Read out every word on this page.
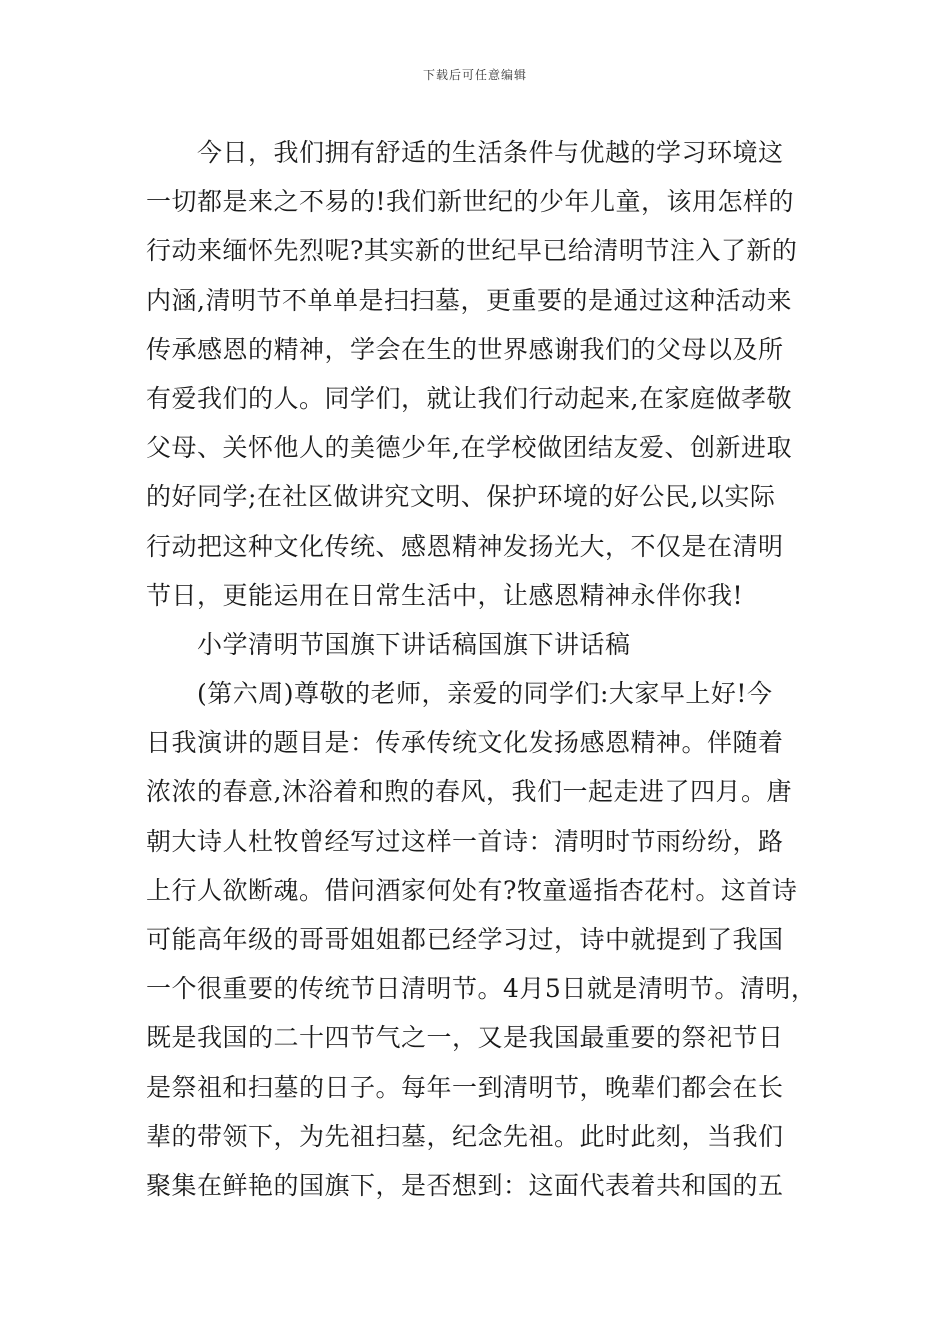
下载后可任意编辑
今日，我们拥有舒适的生活条件与优越的学习环境这
一切都是来之不易的!我们新世纪的少年儿童，该用怎样的
行动来缅怀先烈呢?其实新的世纪早已给清明节注入了新的
内涵,清明节不单单是扫扫墓，更重要的是通过这种活动来
传承感恩的精神，学会在生的世界感谢我们的父母以及所
有爱我们的人。同学们，就让我们行动起来,在家庭做孝敬
父母、关怀他人的美德少年,在学校做团结友爱、创新进取
的好同学;在社区做讲究文明、保护环境的好公民,以实际
行动把这种文化传统、感恩精神发扬光大，不仅是在清明
节日，更能运用在日常生活中，让感恩精神永伴你我!
小学清明节国旗下讲话稿国旗下讲话稿
(第六周)尊敬的老师，亲爱的同学们:大家早上好!今
日我演讲的题目是：传承传统文化发扬感恩精神。伴随着
浓浓的春意,沐浴着和煦的春风，我们一起走进了四月。唐
朝大诗人杜牧曾经写过这样一首诗：清明时节雨纷纷，路
上行人欲断魂。借问酒家何处有?牧童遥指杏花村。这首诗
可能高年级的哥哥姐姐都已经学习过，诗中就提到了我国
一个很重要的传统节日清明节。4月5日就是清明节。清明，
既是我国的二十四节气之一，又是我国最重要的祭祀节日
是祭祖和扫墓的日子。每年一到清明节，晚辈们都会在长
辈的带领下，为先祖扫墓，纪念先祖。此时此刻，当我们
聚集在鲜艳的国旗下，是否想到：这面代表着共和国的五
